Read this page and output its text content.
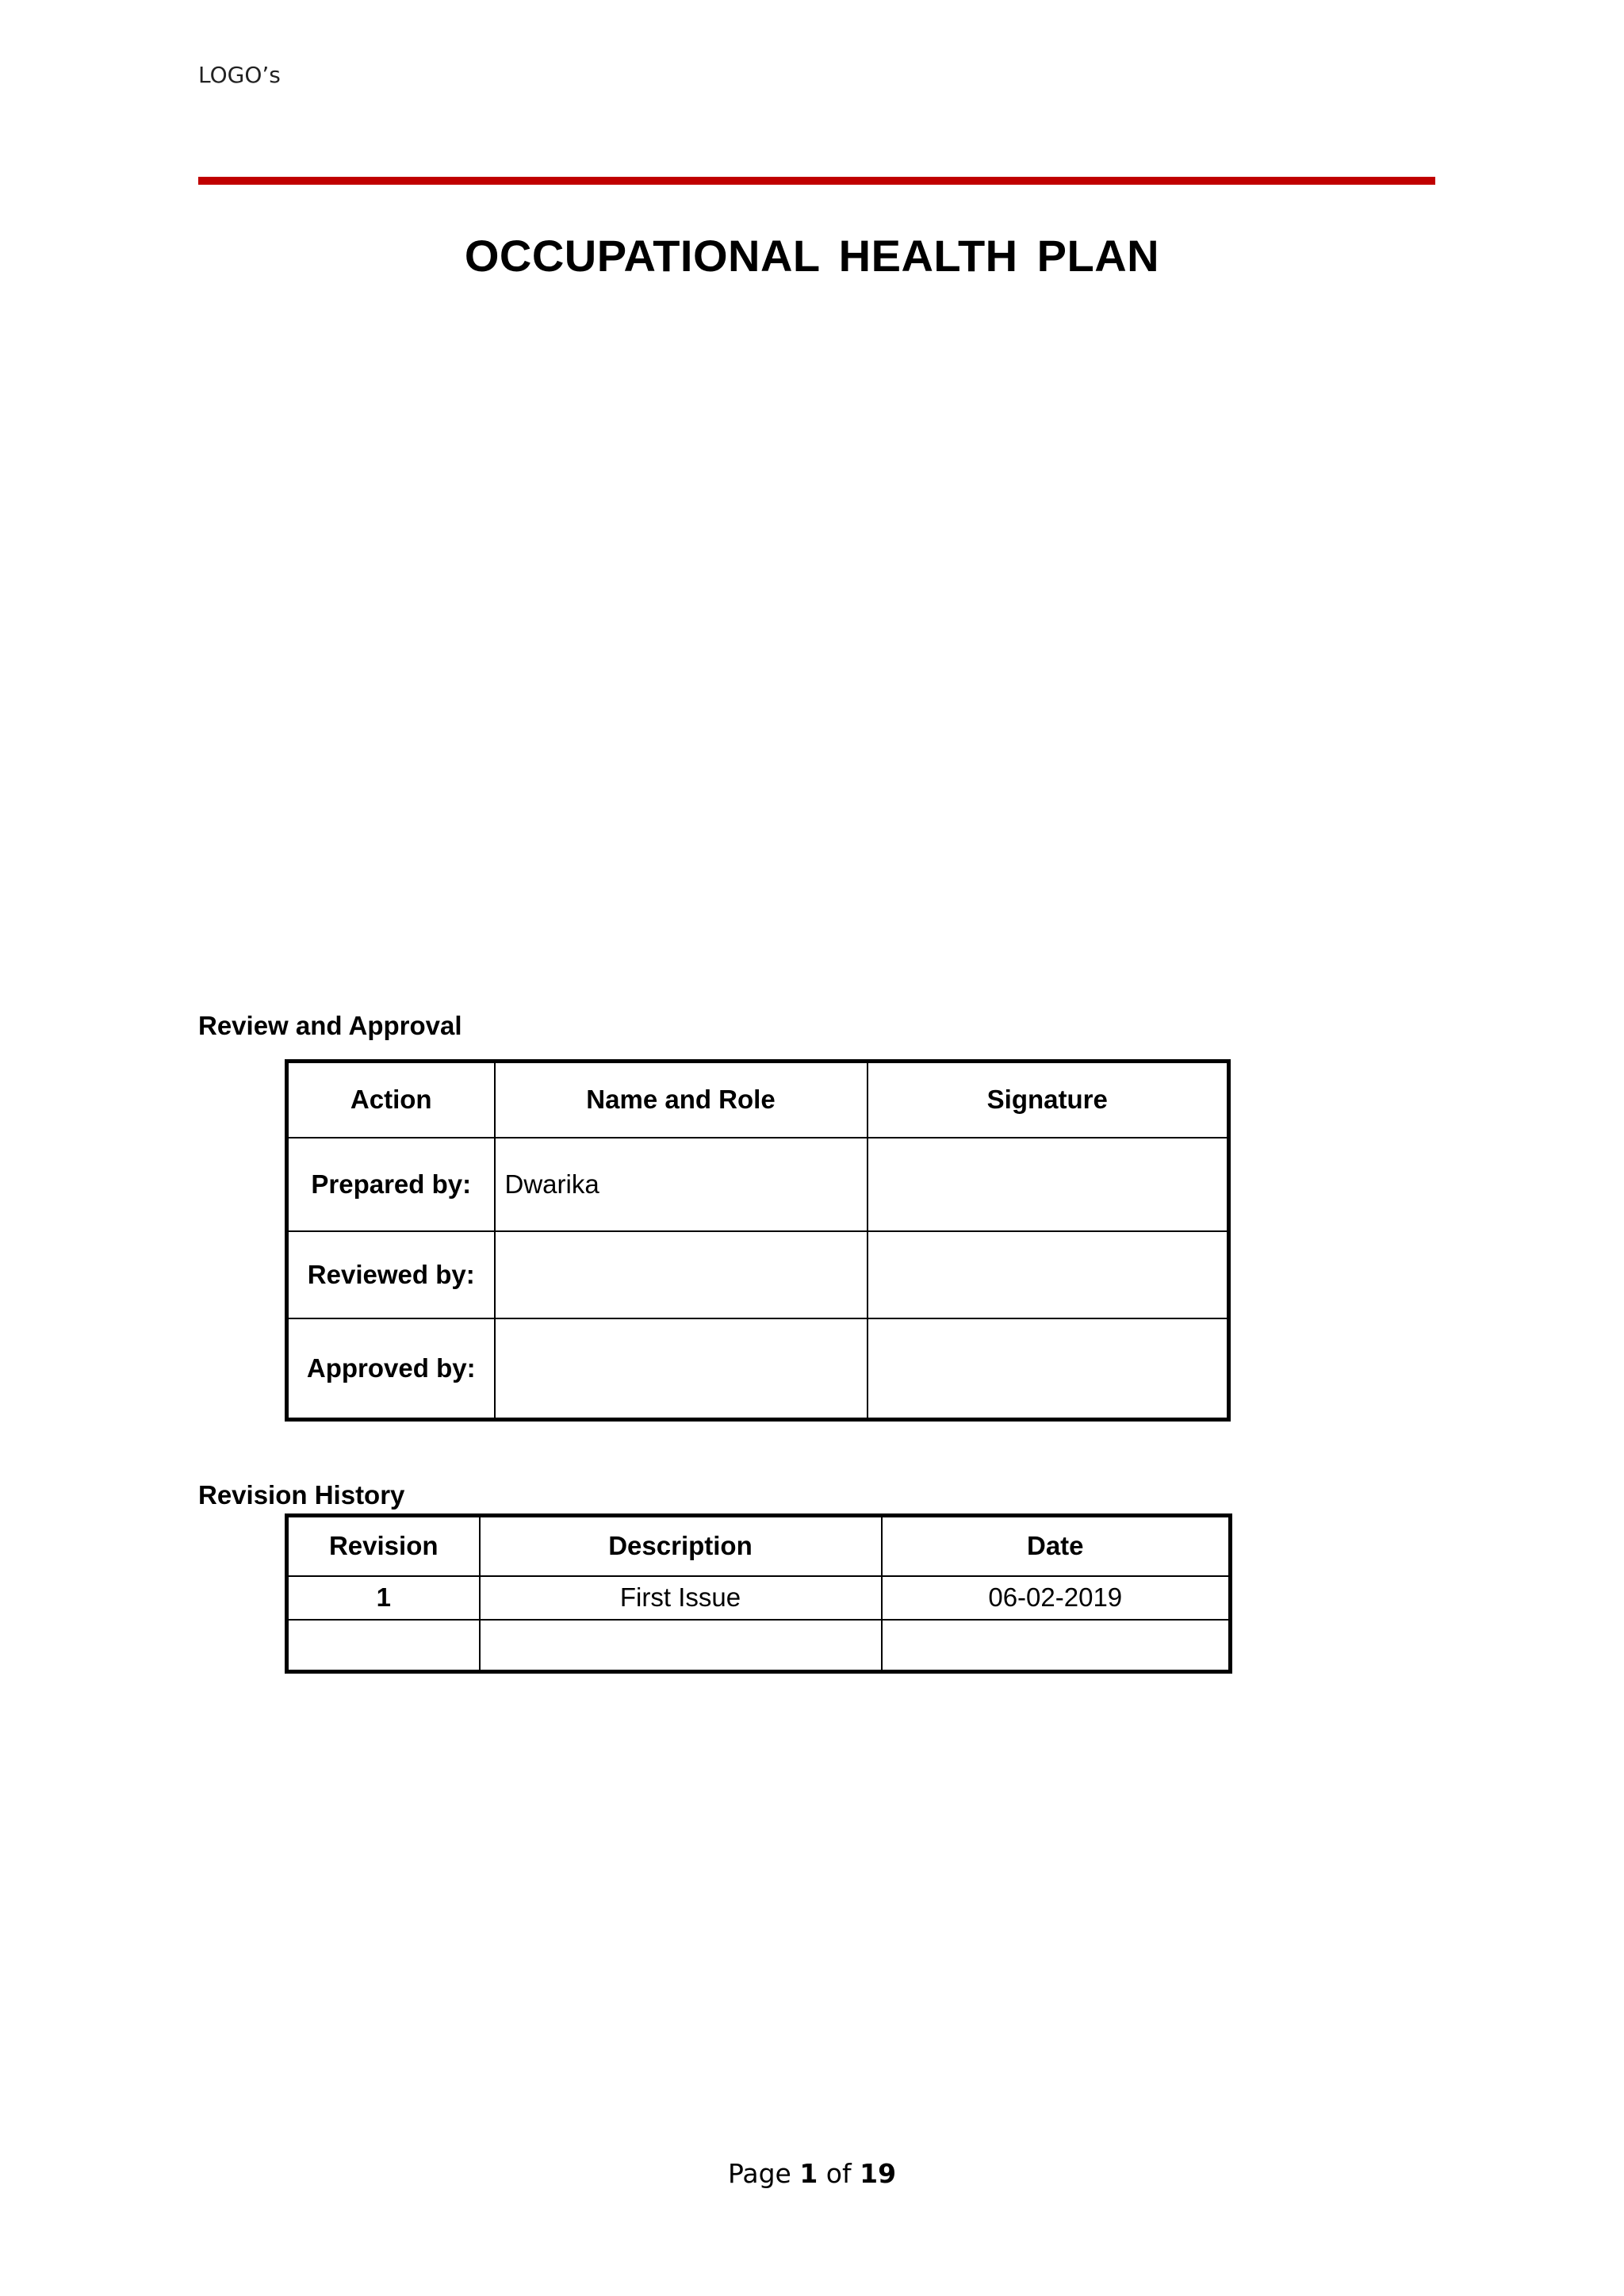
LOGO’s
OCCUPATIONAL HEALTH PLAN
Review and Approval
Action	Name and Role	Signature
Prepared by:	Dwarika	
Reviewed by:		
Approved by:		
Revision History
Revision	Description	Date
1	First Issue	06-02-2019

Page 1 of 19
